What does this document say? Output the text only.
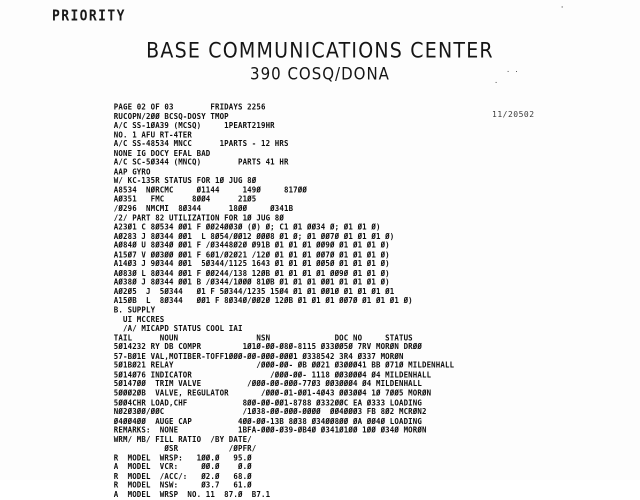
PRIORITY	'
BASE COMMUNICATIONS CENTER
390 COSQ/DONA	. .
.
11/20502
PAGE 02 OF 03        FRIDAYS 2256
RUCOPN/2ØØ BCSQ-DOSY TMOP
A/C SS-1ØA39 (MCSQ)     1PEART219HR
NO. 1 AFU RT-4TER
A/C SS-48534 MNCC      1PARTS - 12 HRS
NONE IG DOCY EFAL BAD
A/C SC-5Ø344 (MNCQ)        PARTS 41 HR
AAP GYRO
W/ KC-135R STATUS FOR 1Ø JUG 8Ø
A8534  NØRCMC     Ø1144     149Ø     817ØØ
AØ351   FMC      8ØØ4      21Ø5
/Ø296  NMCMI  8Ø344      18ØØ     Ø341B
/2/ PART 82 UTILIZATION FOR 1Ø JUG 8Ø
A23Ø1 C 8Ø534 ØØ1 F ØØ24ØØ3Ø (Ø) Ø; C1 Ø1 ØØ34 Ø; Ø1 Ø1 Ø)
AØ283 J 8Ø344 ØØ1  L 8Ø54/ØØ12 ØØØ8 Ø1 Ø; Ø1 ØØ7Ø Ø1 Ø1 Ø1 Ø)
AØ84Ø U 8Ø34Ø ØØ1 F /Ø3448Ø2Ø Ø91B Ø1 Ø1 Ø1 ØØ9Ø Ø1 Ø1 Ø1 Ø)
A15Ø7 V ØØ3ØØ ØØ1 F 6Ø1/Ø2Ø21 /12Ø Ø1 Ø1 Ø1 ØØ7Ø Ø1 Ø1 Ø1 Ø)
A14Ø3 J 9Ø344 ØØ1  5Ø344/1125 1643 Ø1 Ø1 Ø1 ØØ5Ø Ø1 Ø1 Ø1 Ø)
AØ83Ø L 8Ø344 ØØ1 F ØØ244/138 12ØB Ø1 Ø1 Ø1 Ø1 ØØ9Ø Ø1 Ø1 Ø)
AØ38Ø J 8Ø344 ØØ1 B /Ø344/1ØØØ 81ØB Ø1 Ø1 Ø1 ØØ1 Ø1 Ø1 Ø1 Ø)
AØ2Ø5  J  5Ø344   Ø1 F 5Ø344/1235 15Ø4 Ø1 Ø1 ØØ1Ø Ø1 Ø1 Ø1 Ø1
A15ØB  L  8Ø344   ØØ1 F 8Ø34Ø/ØØ2Ø 12ØB Ø1 Ø1 Ø1 ØØ7Ø Ø1 Ø1 Ø1 Ø)
B. SUPPLY
UI MCCRES
/A/ MICAPD STATUS COOL IAI
TAIL      NOUN                 NSN              DOC NO     STATUS
5Ø14232 RY DB COMPR         1Ø1Ø-ØØ-Ø8Ø-8115 Ø33ØØ5Ø 7RV MORØN DRØØ
57-BØ1E VAL,MOTIBER-TOFF1ØØØ-ØØ-ØØØ-ØØØ1 Ø338542 3R4 Ø337 MORØN
5Ø1BØ21 RELAY                  /ØØØ-ØØ- ØB ØØ21 Ø3ØØØ41 BB Ø71Ø MILDENHALL
5Ø14Ø76 INDICATOR                 /ØØØ-ØØ- 1118 ØØ3ØØØ4 Ø4 MILDENHALL
5Ø147ØØ  TRIM VALVE          /ØØØ-ØØ-ØØØ-77Ø3 ØØ3ØØØ4 Ø4 MILDENHALL
5ØØØ2ØB  VALVE, REGULATOR       /ØØØ-Ø1-ØØ1-4Ø43 ØØ3ØØ4 1Ø 7ØØ5 MORØN
5ØØ4CHR LOAD,CHF            8ØØ-ØØ-ØØ1-8788 Ø332ØØC EA Ø333 LOADING
NØ2Ø3ØØ/ØØC                 /1Ø38-ØØ-ØØØ-ØØØØ  ØØ4ØØØ3 FB 8Ø2 MCRØN2
Ø4ØØ4ØØ  AUGE CAP          4ØØ-ØØ-13B 8Ø38 Ø34ØØ8ØØ ØA ØØ4Ø LOADING
REMARKS:  NONE             1BFA-ØØØ-Ø39-ØB4Ø Ø341Ø1ØØ 1ØØ Ø34Ø MORØN
WRM/ MB/ FILL RATIO  /BY DATE/
ØSR           /ØPFR/
R  MODEL  WRSP:   1ØØ.Ø   95.Ø
A  MODEL  VCR:     ØØ.Ø    Ø.Ø
R  MODEL  /ACC/:   Ø2.Ø   68.Ø
R  MODEL  NSW:     Ø3.7   61.Ø
A  MODEL  WRSP  NO. 11  87.Ø  B7.1
